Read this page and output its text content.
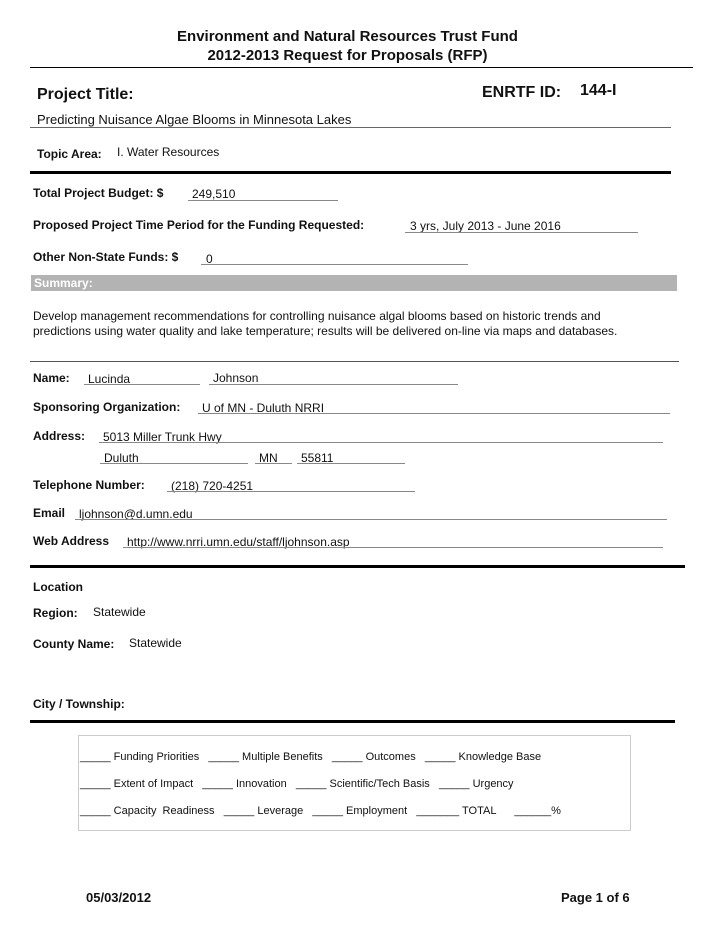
Environment and Natural Resources Trust Fund
2012-2013 Request for Proposals (RFP)
Project Title:	ENRTF ID: 144-I
Predicting Nuisance Algae Blooms in Minnesota Lakes
Topic Area: I. Water Resources
Total Project Budget: $ 249,510
Proposed Project Time Period for the Funding Requested:	3 yrs, July 2013 - June 2016
Other Non-State Funds: $ 0
Summary:
Develop management recommendations for controlling nuisance algal blooms based on historic trends and
predictions using water quality and lake temperature; results will be delivered on-line via maps and databases.
Name: Lucinda	Johnson
Sponsoring Organization: U of MN - Duluth NRRI
Address: 5013 Miller Trunk Hwy
Duluth	MN 55811
Telephone Number: (218) 720-4251
Email ljohnson@d.umn.edu
Web Address http://www.nrri.umn.edu/staff/ljohnson.asp
Location
Region: Statewide
County Name: Statewide
City / Township:
_____ Funding Priorities   _____ Multiple Benefits   _____ Outcomes   _____ Knowledge Base
_____ Extent of Impact   _____ Innovation   _____ Scientific/Tech Basis   _____ Urgency
_____ Capacity  Readiness   _____ Leverage   _____ Employment   _______ TOTAL      ______%
05/03/2012	Page 1 of 6
